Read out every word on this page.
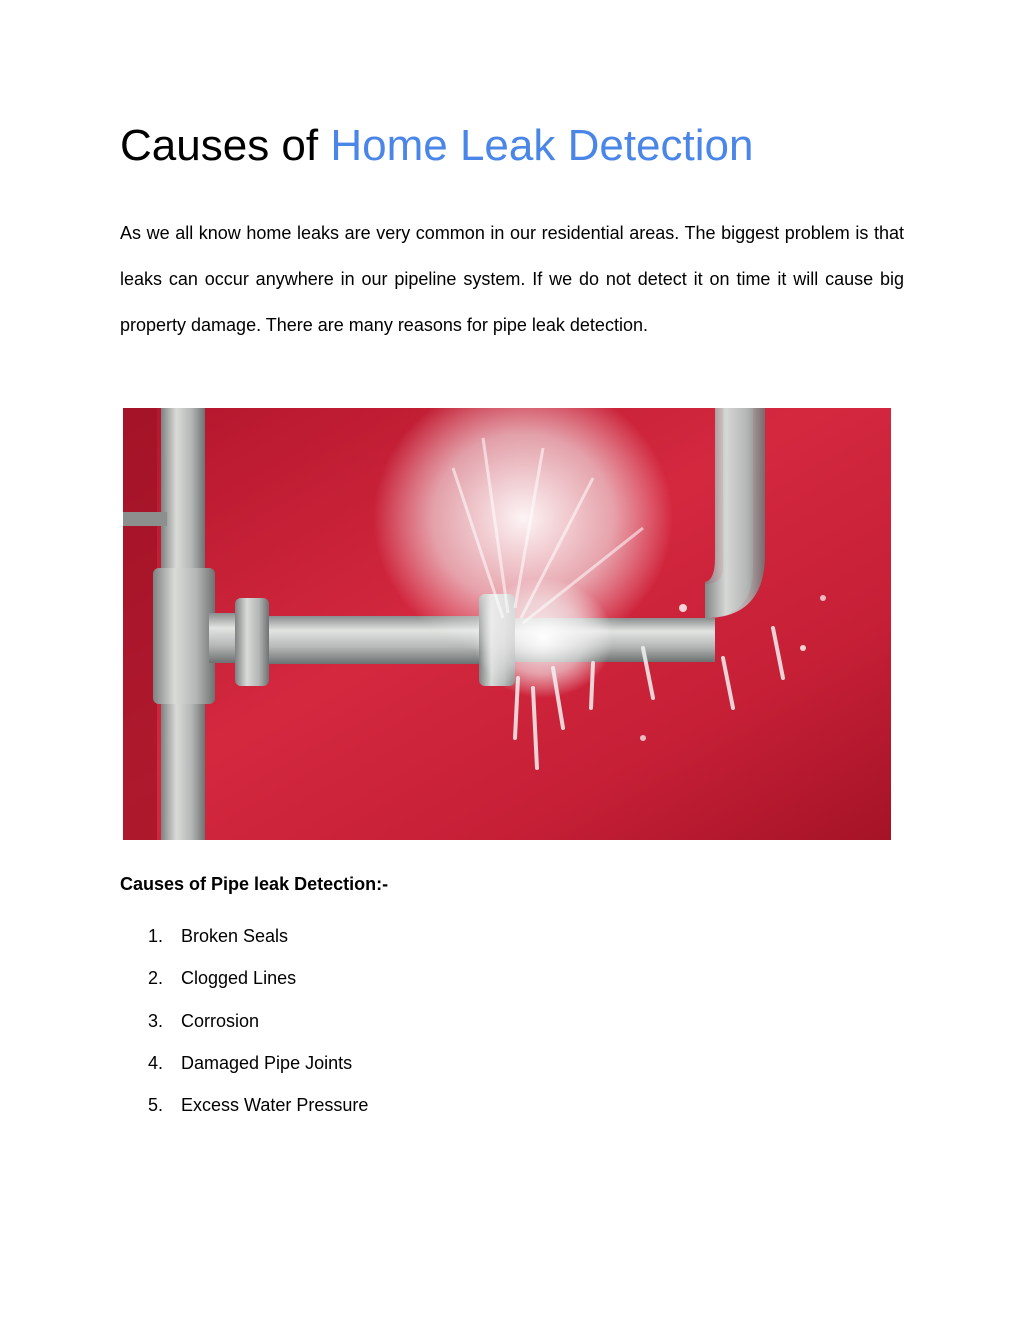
Causes of Home Leak Detection

As we all know home leaks are very common in our residential areas. The biggest problem is that leaks can occur anywhere in our pipeline system. If we do not detect it on time it will cause big property damage. There are many reasons for pipe leak detection.

Causes of Pipe leak Detection:-
1. Broken Seals
2. Clogged Lines
3. Corrosion
4. Damaged Pipe Joints
5. Excess Water Pressure
